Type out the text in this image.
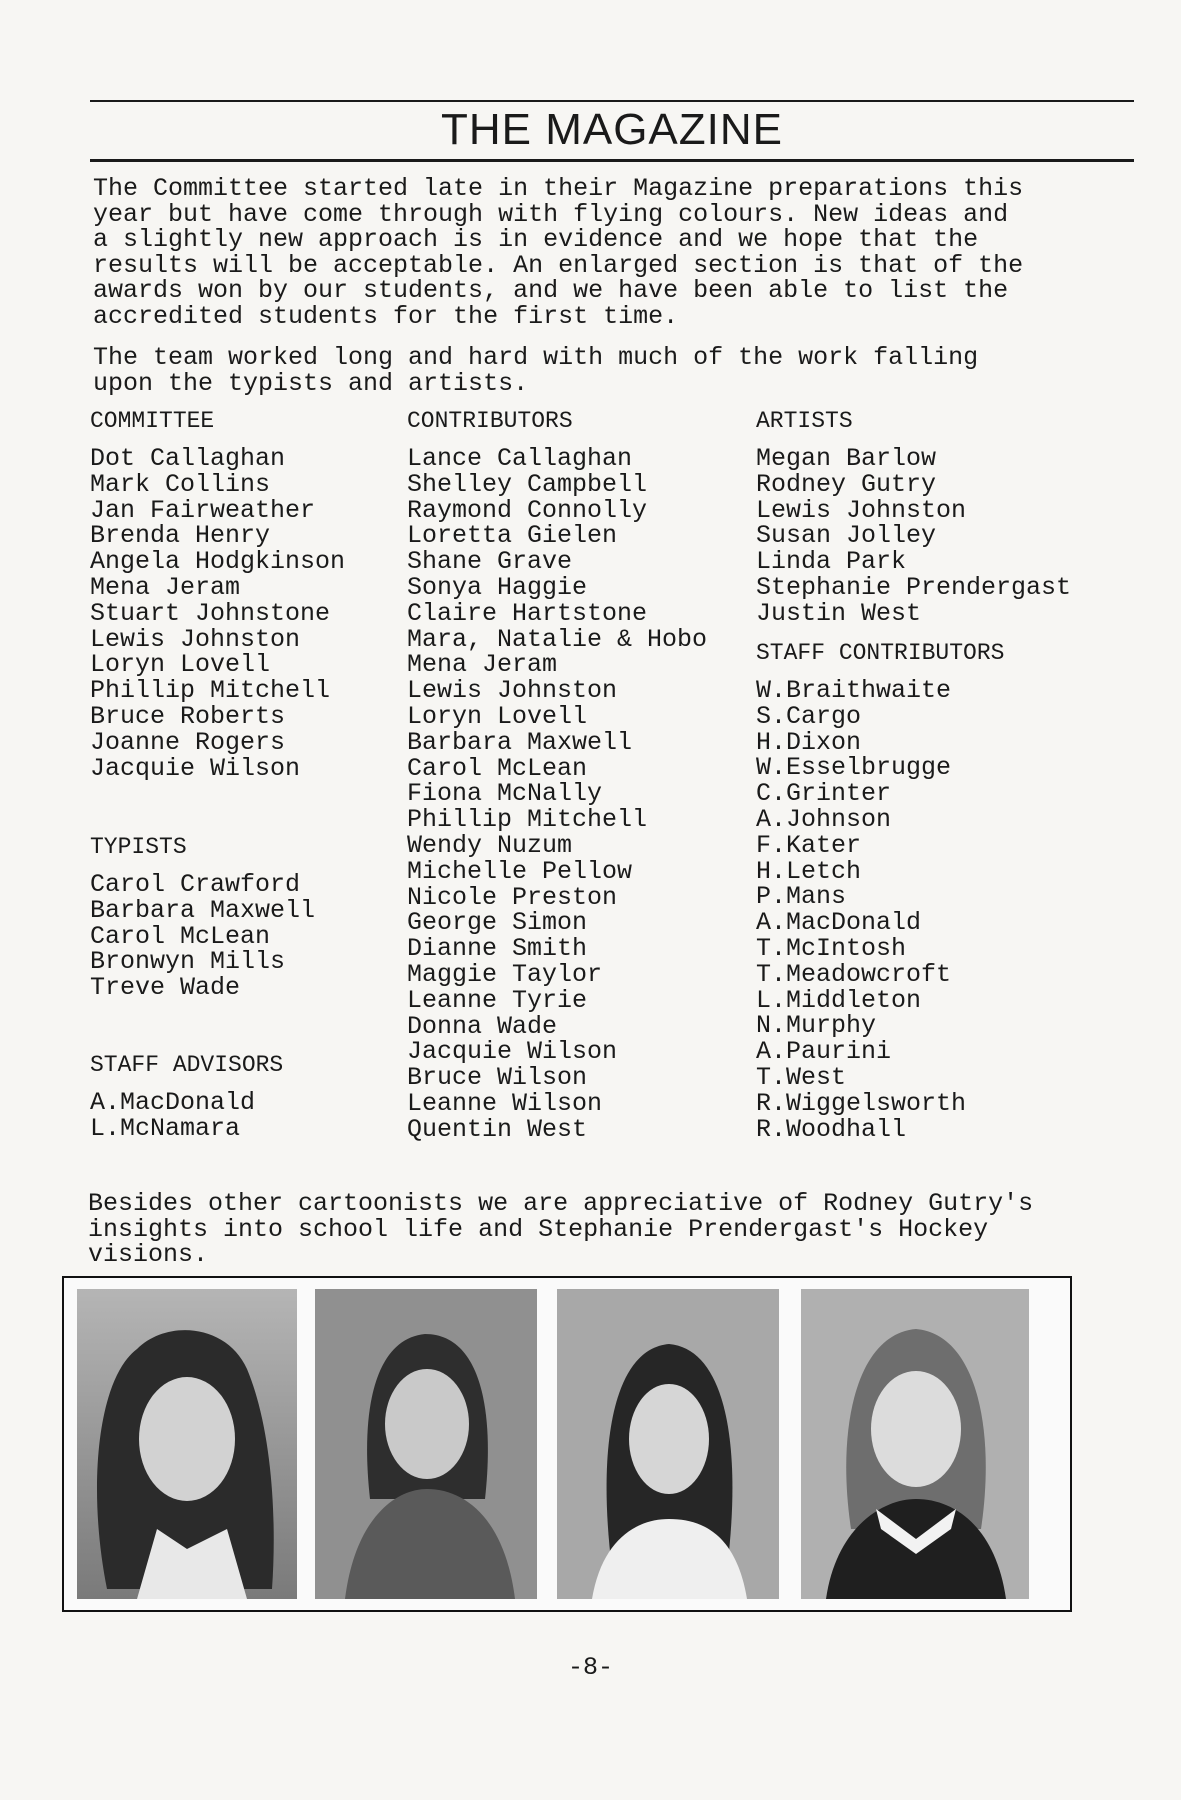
THE MAGAZINE
The Committee started late in their Magazine preparations this
year but have come through with flying colours. New ideas and
a slightly new approach is in evidence and we hope that the
results will be acceptable. An enlarged section is that of the
awards won by our students, and we have been able to list the
accredited students for the first time.
The team worked long and hard with much of the work falling
upon the typists and artists.
COMMITTEE
Dot Callaghan
Mark Collins
Jan Fairweather
Brenda Henry
Angela Hodgkinson
Mena Jeram
Stuart Johnstone
Lewis Johnston
Loryn Lovell
Phillip Mitchell
Bruce Roberts
Joanne Rogers
Jacquie Wilson
TYPISTS
Carol Crawford
Barbara Maxwell
Carol McLean
Bronwyn Mills
Treve Wade
STAFF ADVISORS
A.MacDonald
L.McNamara
CONTRIBUTORS
Lance Callaghan
Shelley Campbell
Raymond Connolly
Loretta Gielen
Shane Grave
Sonya Haggie
Claire Hartstone
Mara, Natalie & Hobo
Mena Jeram
Lewis Johnston
Loryn Lovell
Barbara Maxwell
Carol McLean
Fiona McNally
Phillip Mitchell
Wendy Nuzum
Michelle Pellow
Nicole Preston
George Simon
Dianne Smith
Maggie Taylor
Leanne Tyrie
Donna Wade
Jacquie Wilson
Bruce Wilson
Leanne Wilson
Quentin West
ARTISTS
Megan Barlow
Rodney Gutry
Lewis Johnston
Susan Jolley
Linda Park
Stephanie Prendergast
Justin West
STAFF CONTRIBUTORS
W.Braithwaite
S.Cargo
H.Dixon
W.Esselbrugge
C.Grinter
A.Johnson
F.Kater
H.Letch
P.Mans
A.MacDonald
T.McIntosh
T.Meadowcroft
L.Middleton
N.Murphy
A.Paurini
T.West
R.Wiggelsworth
R.Woodhall
Besides other cartoonists we are appreciative of Rodney Gutry's
insights into school life and Stephanie Prendergast's Hockey
visions.
-8-
